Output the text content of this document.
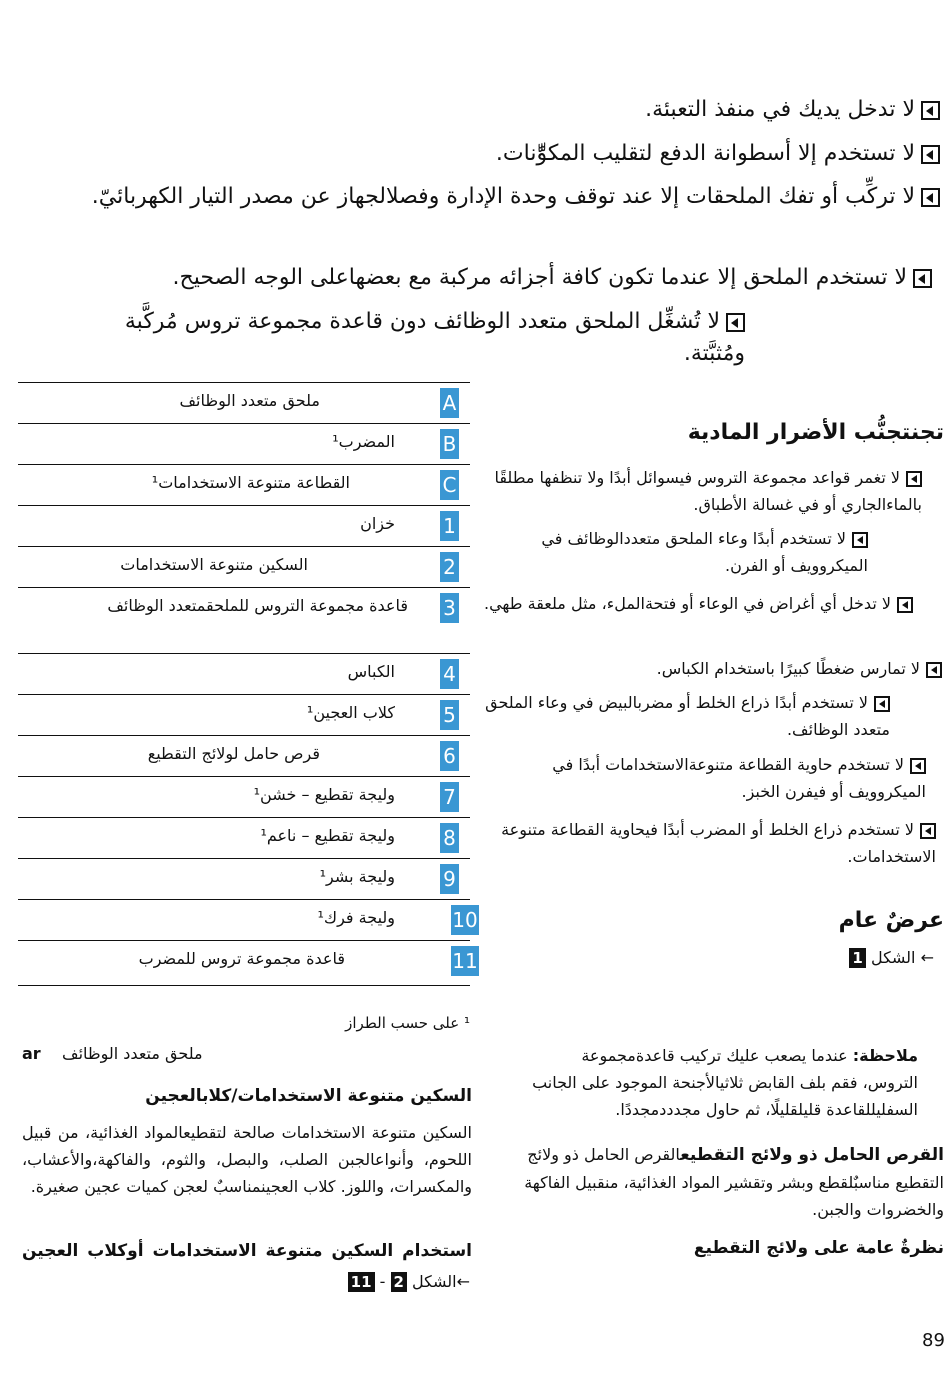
لا تدخل يديك في منفذ التعبئة.
لا تستخدم إلا أسطوانة الدفع لتقليب المكوِّّنات.
لا تركِّب أو تفك الملحقات إلا عند توقف وحدة الإدارة وفصلالجهاز عن مصدر التيار الكهربائيّ.
لا تستخدم الملحق إلا عندما تكون كافة أجزائه مركبة مع بعضهاعلى الوجه الصحيح.
لا تُشغِّل الملحق متعدد الوظائف دون قاعدة مجموعة تروس مُركَّبة ومُثبَّتة.
A
ملحق متعدد الوظائف
B
المضرب¹
C
القطاعة متنوعة الاستخدامات¹
1
خزان
2
السكين متنوعة الاستخدامات
3
قاعدة مجموعة التروس للملحقمتعدد الوظائف
4
الكباس
5
كلاب العجين¹
6
قرص حامل لولائج التقطيع
7
وليجة تقطيع – خشن¹
8
وليجة تقطيع – ناعم¹
9
وليجة بشر¹
10
وليجة فرك¹
11
قاعدة مجموعة تروس للمضرب
تجنتجنُّب الأضرار المادية
لا تغمر قواعد مجموعة التروس فيسوائل أبدًا ولا تنظفها مطلقًا بالماءالجاري أو في غسالة الأطباق.
لا تستخدم أبدًا وعاء الملحق متعددالوظائف في الميكروويف أو الفرن.
لا تدخل أي أغراض في الوعاء أو فتحةالملء، مثل ملعقة طهي.
لا تمارس ضغطًا كبيرًا باستخدام الكباس.
لا تستخدم أبدًا ذراع الخلط أو مضربالبيض في وعاء الملحق متعدد الوظائف.
لا تستخدم حاوية القطاعة متنوعةالاستخدامات أبدًا في الميكروويف أو فيفرن الخبز.
لا تستخدم ذراع الخلط أو المضرب أبدًا فيحاوية القطاعة متنوعة الاستخدامات.
عرضٌ عام
← الشكل 1
¹ على حسب الطراز
ar ملحق متعدد الوظائف
السكين متنوعة الاستخدامات/كلابالعجين
السكين متنوعة الاستخدامات صالحة لتقطيعالمواد الغذائية، من قبيل اللحوم، وأنواعالجبن الصلب، والبصل، والثوم، والفاكهة،والأعشاب، والمكسرات، واللوز. كلاب العجينمناسبٌ لعجن كميات عجين صغيرة.
استخدام السكين متنوعة الاستخدامات أوكلاب العجين
←الشكل 2 - 11
ملاحظة: عندما يصعب عليك تركيب قاعدةمجموعة التروس، فقم بلف القابض ثلاثيالأجنحة الموجود على الجانب السفليللقاعدة قليلقليلًا، ثم حاول مجدددمجددًا.
القرص الحامل ذو ولائج التقطيعالقرص الحامل ذو ولائج التقطيع مناسبٌلقطع وبشر وتقشير المواد الغذائية، منقبيل الفاكهة والخضروات والجبن.
نظرةٌ عامة على ولائج التقطيع
89
